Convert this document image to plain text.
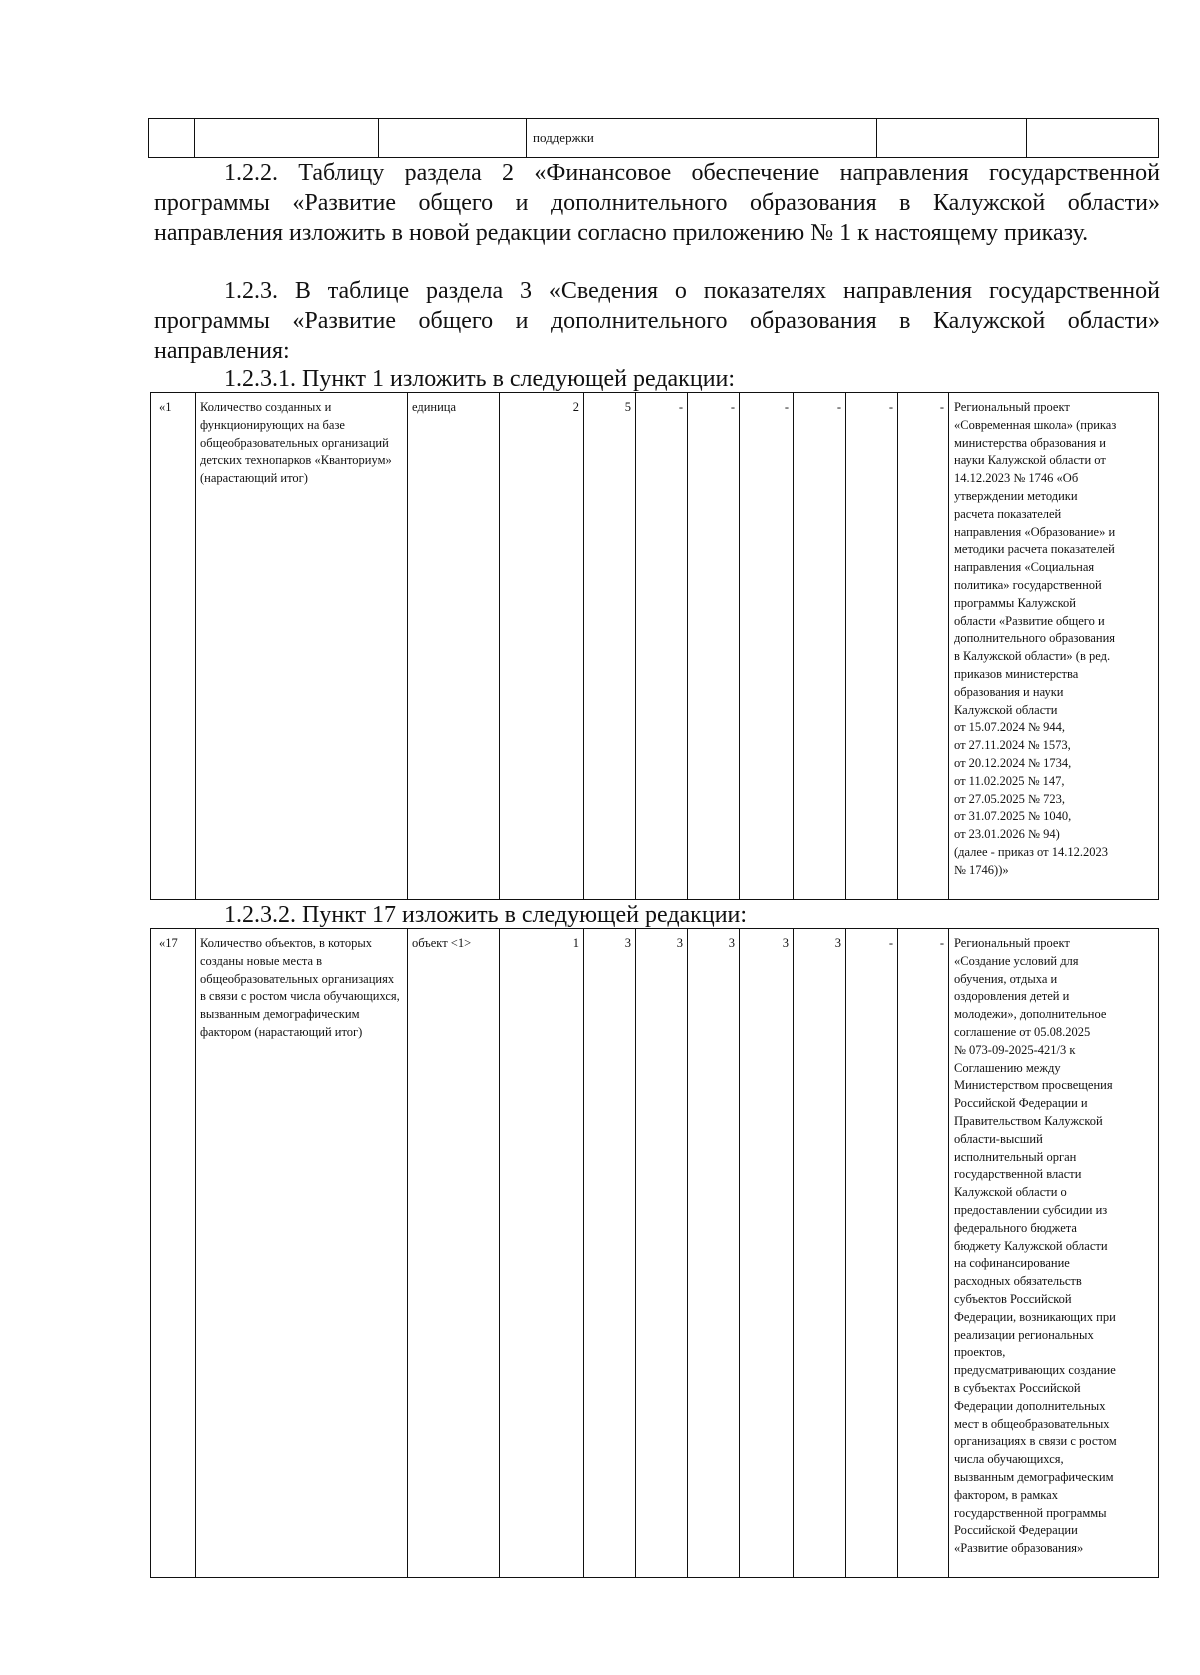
			поддержки		
1.2.2. Таблицу раздела 2 «Финансовое обеспечение направления государственной программы «Развитие общего и дополнительного образования в Калужской области» направления изложить в новой редакции согласно приложению № 1 к настоящему приказу.
1.2.3. В таблице раздела 3 «Сведения о показателях направления государственной программы «Развитие общего и дополнительного образования в Калужской области» направления:
1.2.3.1. Пункт 1 изложить в следующей редакции:
«1	Количество созданных и функционирующих на базе общеобразовательных организаций детских технопарков «Кванториум» (нарастающий итог)	единица	2	5	-	-	-	-	-	-	Региональный проект
«Современная школа» (приказ
министерства образования и
науки Калужской области от
14.12.2023 № 1746 «Об
утверждении методики
расчета показателей
направления «Образование» и
методики расчета показателей
направления «Социальная
политика» государственной
программы Калужской
области «Развитие общего и
дополнительного образования
в Калужской области» (в ред.
приказов министерства
образования и науки
Калужской области
от 15.07.2024 № 944,
от 27.11.2024 № 1573,
от 20.12.2024 № 1734,
от 11.02.2025 № 147,
от 27.05.2025 № 723,
от 31.07.2025 № 1040,
от 23.01.2026 № 94)
(далее - приказ от 14.12.2023
№ 1746))»
1.2.3.2. Пункт 17 изложить в следующей редакции:
«17	Количество объектов, в которых созданы новые места в общеобразовательных организациях в связи с ростом числа обучающихся, вызванным демографическим фактором (нарастающий итог)	объект <1>	1	3	3	3	3	3	-	-	Региональный проект
«Создание условий для
обучения, отдыха и
оздоровления детей и
молодежи», дополнительное
соглашение от 05.08.2025
№ 073-09-2025-421/3 к
Соглашению между
Министерством просвещения
Российской Федерации и
Правительством Калужской
области-высший
исполнительный орган
государственной власти
Калужской области о
предоставлении субсидии из
федерального бюджета
бюджету Калужской области
на софинансирование
расходных обязательств
субъектов Российской
Федерации, возникающих при
реализации региональных
проектов,
предусматривающих создание
в субъектах Российской
Федерации дополнительных
мест в общеобразовательных
организациях в связи с ростом
числа обучающихся,
вызванным демографическим
фактором, в рамках
государственной программы
Российской Федерации
«Развитие образования»
